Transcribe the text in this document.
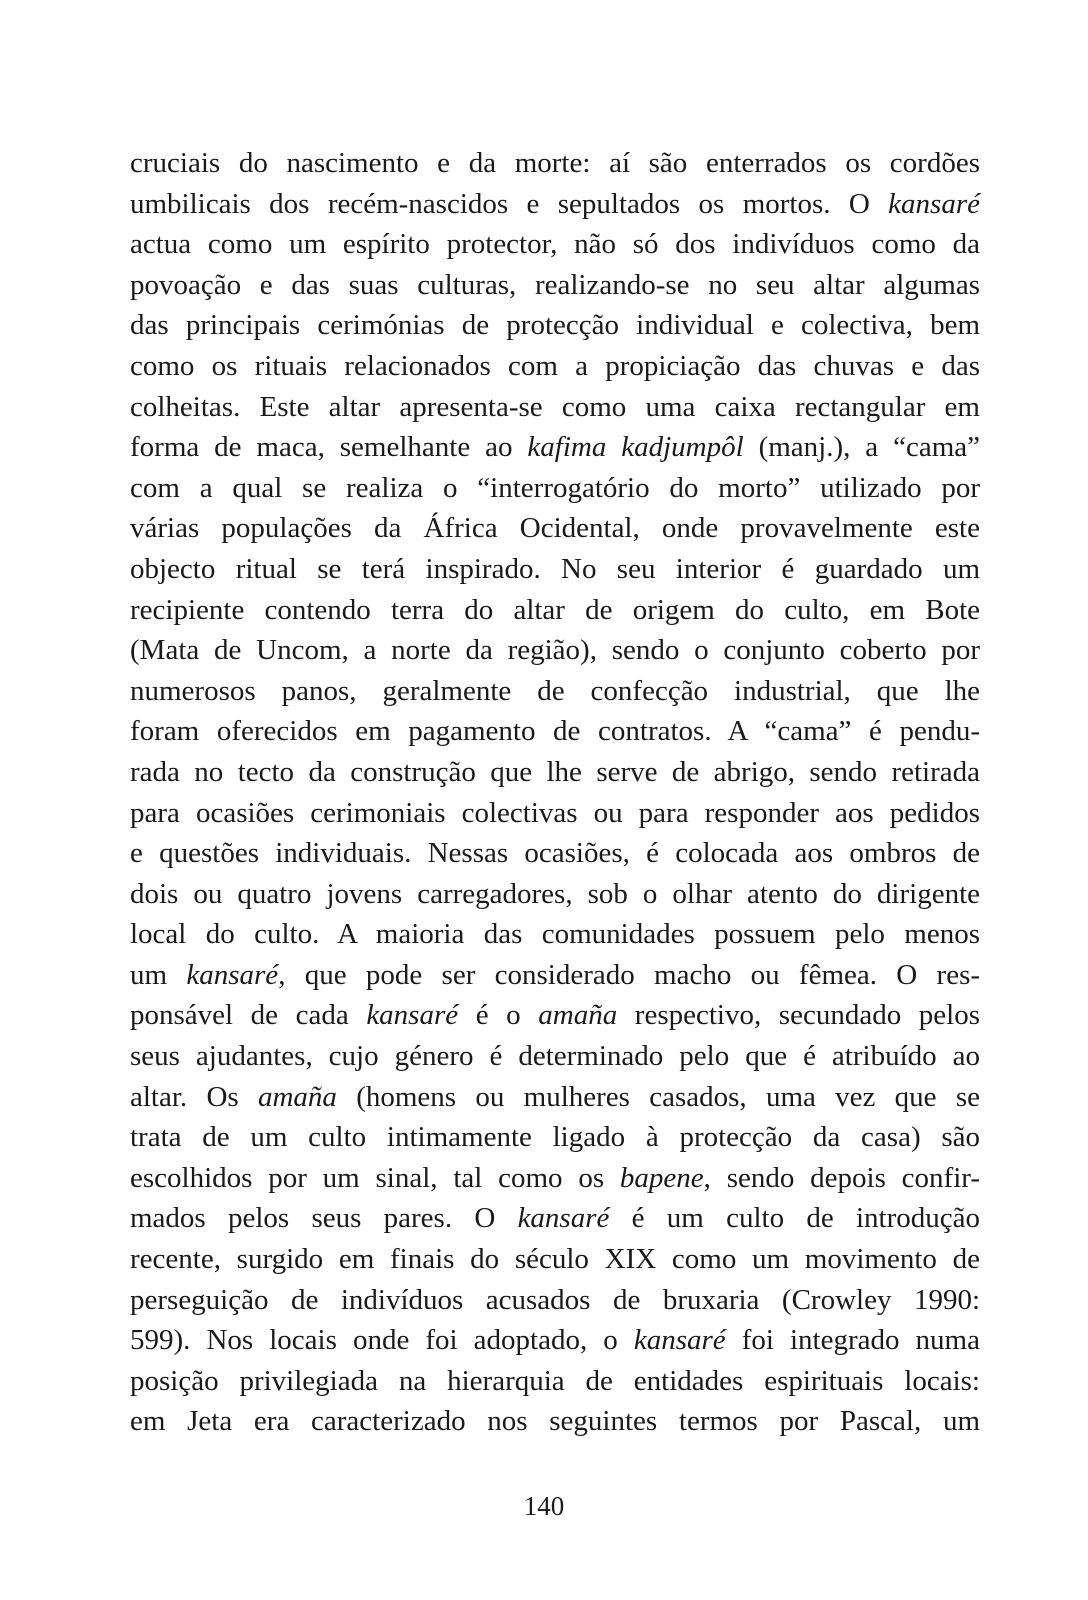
cruciais do nascimento e da morte: aí são enterrados os cordões
umbilicais dos recém-nascidos e sepultados os mortos. O kansaré
actua como um espírito protector, não só dos indivíduos como da
povoação e das suas culturas, realizando-se no seu altar algumas
das principais cerimónias de protecção individual e colectiva, bem
como os rituais relacionados com a propiciação das chuvas e das
colheitas. Este altar apresenta-se como uma caixa rectangular em
forma de maca, semelhante ao kafima kadjumpôl (manj.), a “cama”
com a qual se realiza o “interrogatório do morto” utilizado por
várias populações da África Ocidental, onde provavelmente este
objecto ritual se terá inspirado. No seu interior é guardado um
recipiente contendo terra do altar de origem do culto, em Bote
(Mata de Uncom, a norte da região), sendo o conjunto coberto por
numerosos panos, geralmente de confecção industrial, que lhe
foram oferecidos em pagamento de contratos. A “cama” é pendu-
rada no tecto da construção que lhe serve de abrigo, sendo retirada
para ocasiões cerimoniais colectivas ou para responder aos pedidos
e questões individuais. Nessas ocasiões, é colocada aos ombros de
dois ou quatro jovens carregadores, sob o olhar atento do dirigente
local do culto. A maioria das comunidades possuem pelo menos
um kansaré, que pode ser considerado macho ou fêmea. O res-
ponsável de cada kansaré é o amaña respectivo, secundado pelos
seus ajudantes, cujo género é determinado pelo que é atribuído ao
altar. Os amaña (homens ou mulheres casados, uma vez que se
trata de um culto intimamente ligado à protecção da casa) são
escolhidos por um sinal, tal como os bapene, sendo depois confir-
mados pelos seus pares. O kansaré é um culto de introdução
recente, surgido em finais do século XIX como um movimento de
perseguição de indivíduos acusados de bruxaria (Crowley 1990:
599). Nos locais onde foi adoptado, o kansaré foi integrado numa
posição privilegiada na hierarquia de entidades espirituais locais:
em Jeta era caracterizado nos seguintes termos por Pascal, um

140
